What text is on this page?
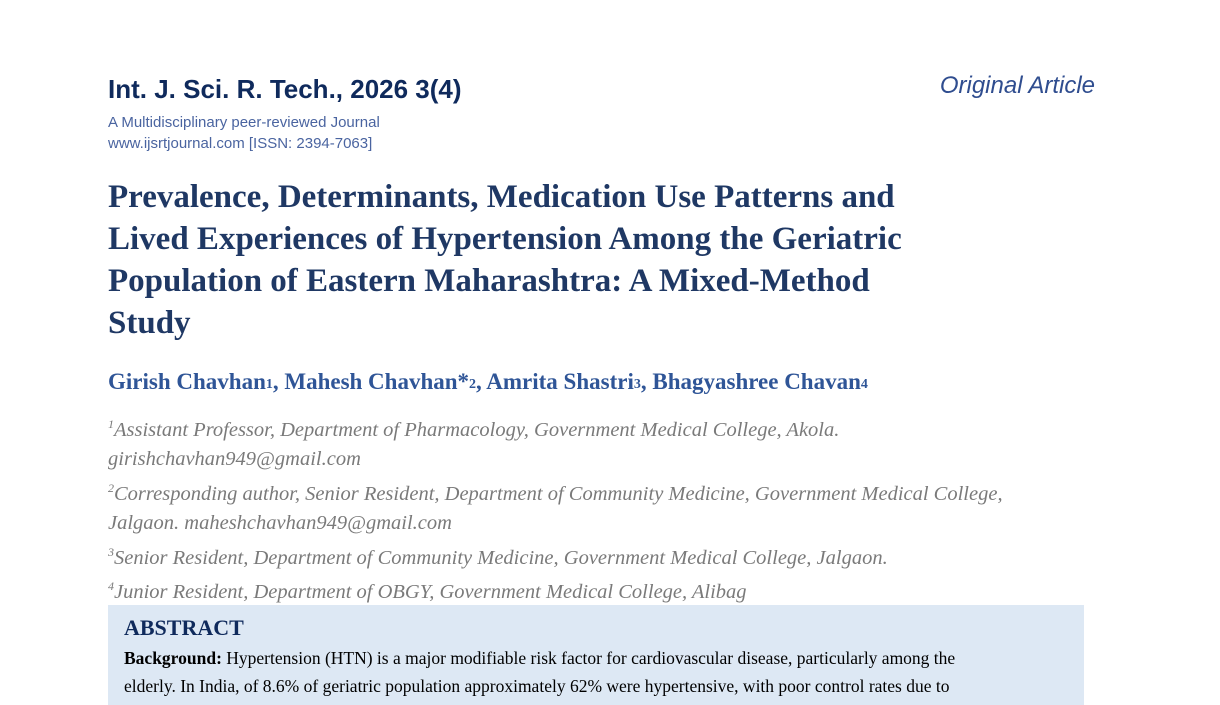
Int. J. Sci. R. Tech., 2026 3(4)
A Multidisciplinary peer-reviewed Journal
www.ijsrtjournal.com [ISSN: 2394-7063]
Original Article
Prevalence, Determinants, Medication Use Patterns and
Lived Experiences of Hypertension Among the Geriatric
Population of Eastern Maharashtra: A Mixed-Method
Study
Girish Chavhan$^1$, Mahesh Chavhan*$^2$, Amrita Shastri$^3$, Bhagyashree Chavan$^4$
$^1$Assistant Professor, Department of Pharmacology, Government Medical College, Akola.
girishchavhan949@gmail.com
$^2$Corresponding author, Senior Resident, Department of Community Medicine, Government Medical College,
Jalgaon. maheshchavhan949@gmail.com
$^3$Senior Resident, Department of Community Medicine, Government Medical College, Jalgaon.
$^4$Junior Resident, Department of OBGY, Government Medical College, Alibag
ABSTRACT
Background: Hypertension (HTN) is a major modifiable risk factor for cardiovascular disease, particularly among the
elderly. In India, of 8.6% of geriatric population approximately 62% were hypertensive, with poor control rates due to
